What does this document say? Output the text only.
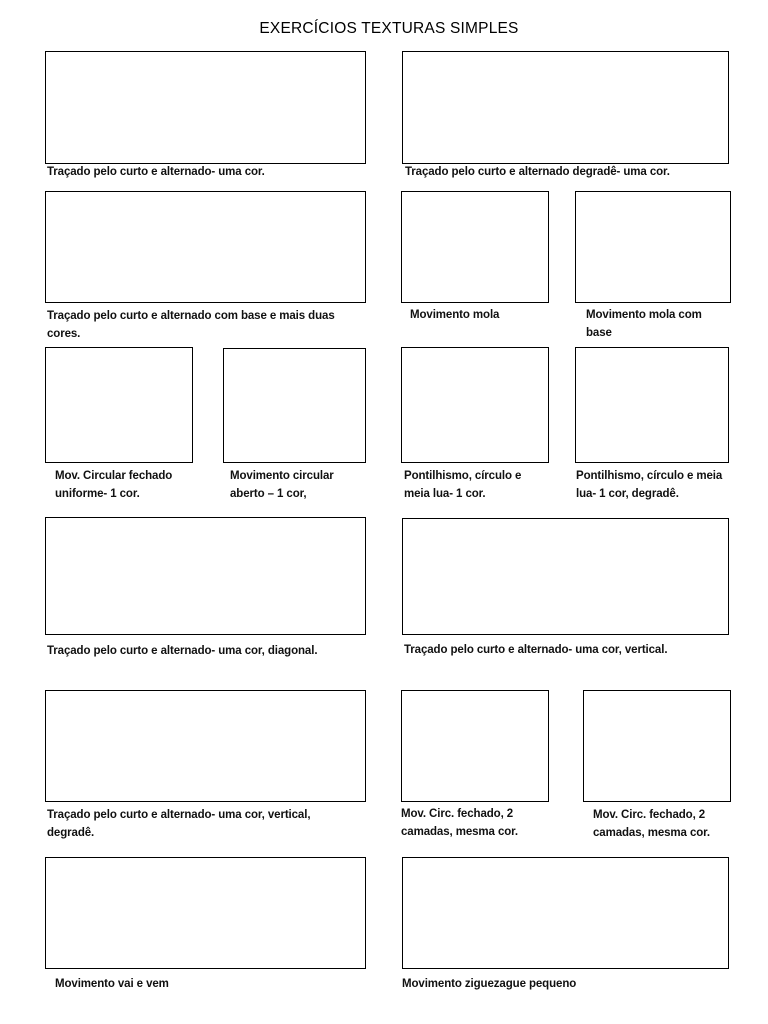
EXERCÍCIOS TEXTURAS SIMPLES
Traçado pelo curto e alternado- uma cor.	Traçado pelo curto e alternado degradê- uma cor.
Traçado pelo curto e alternado com base e mais duas cores.
Movimento mola	Movimento mola com base
Mov. Circular fechado uniforme- 1 cor.
Movimento circular aberto – 1 cor,
Pontilhismo, círculo e meia lua- 1 cor.
Pontilhismo, círculo e meia lua- 1 cor, degradê.
Traçado pelo curto e alternado- uma cor, diagonal.	Traçado pelo curto e alternado- uma cor, vertical.
Traçado pelo curto e alternado- uma cor, vertical, degradê.
Mov. Circ. fechado, 2 camadas, mesma cor.
Mov. Circ. fechado, 2 camadas, mesma cor.
Movimento vai e vem	Movimento ziguezague pequeno
